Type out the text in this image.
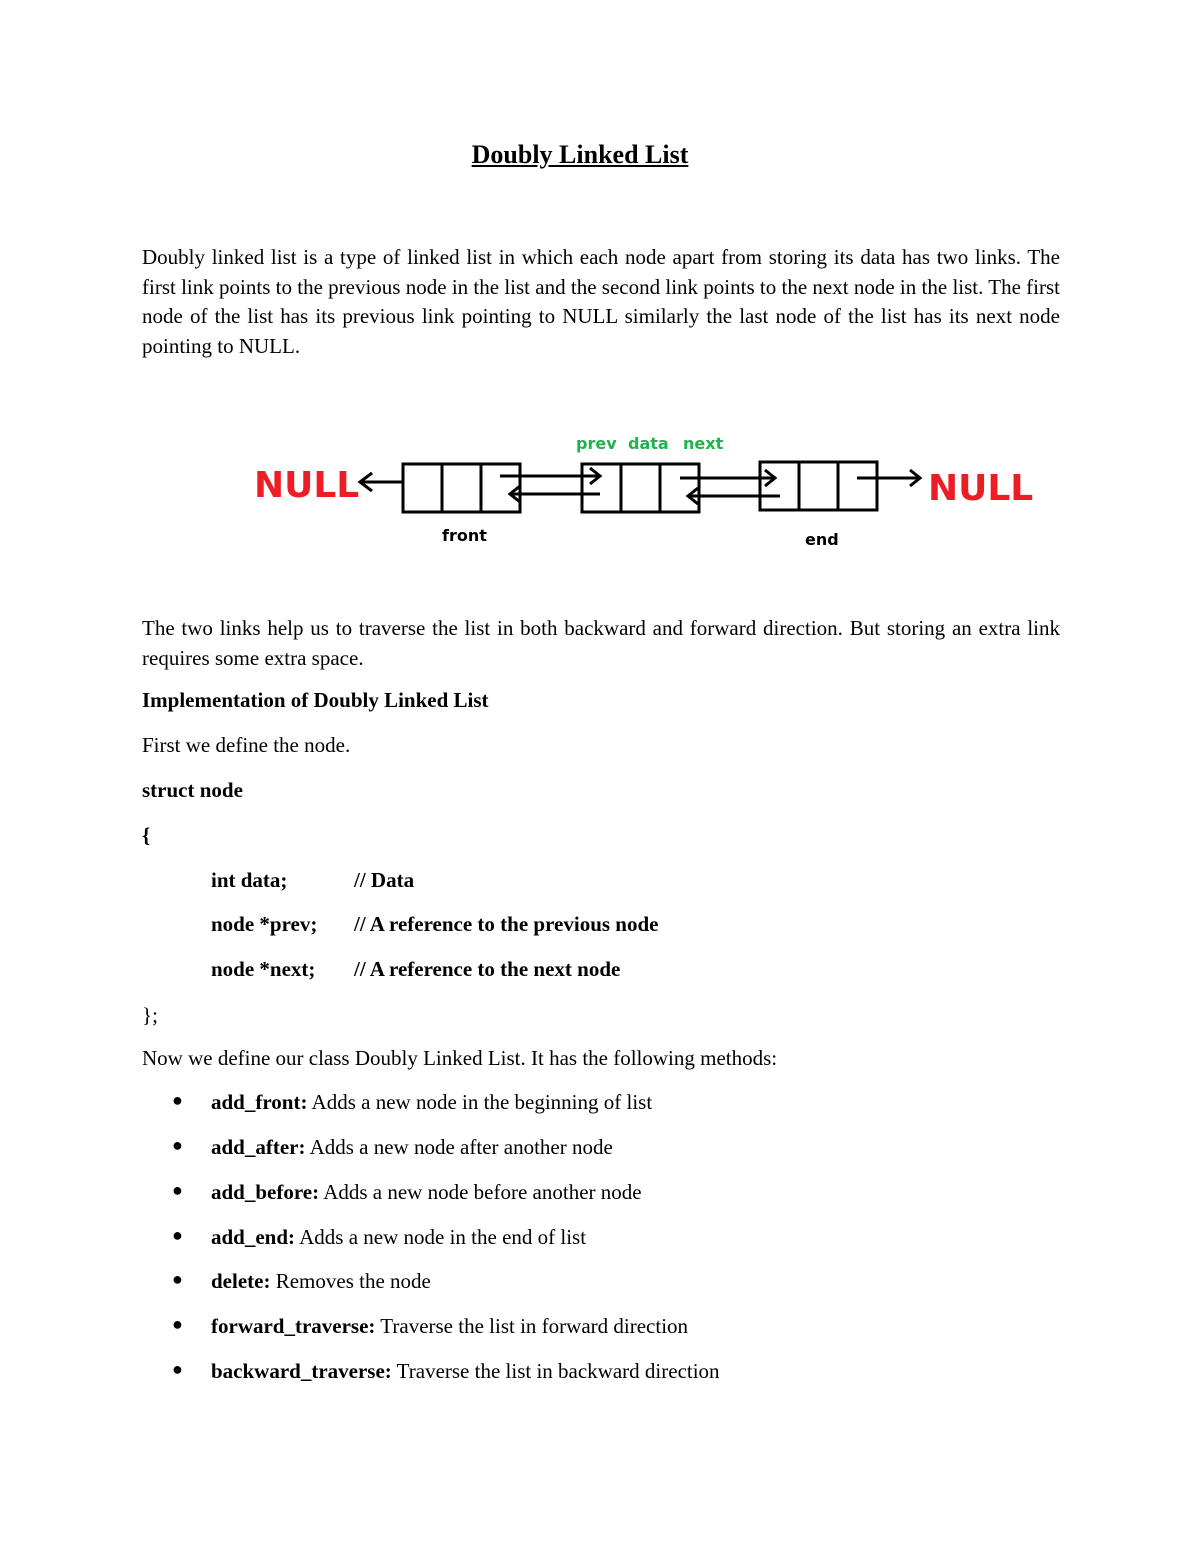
Doubly Linked List

Doubly linked list is a type of linked list in which each node apart from storing its data has two links. The first link points to the previous node in the list and the second link points to the next node in the list. The first node of the list has its previous link pointing to NULL similarly the last node of the list has its next node pointing to NULL.

NULL	NULL
prev data next
front	end

The two links help us to traverse the list in both backward and forward direction. But storing an extra link requires some extra space.

Implementation of Doubly Linked List

First we define the node.

struct node

{

int data;	// Data
node *prev; // A reference to the previous node
node *next; // A reference to the next node

};

Now we define our class Doubly Linked List. It has the following methods:

● add_front: Adds a new node in the beginning of list
● add_after: Adds a new node after another node
● add_before: Adds a new node before another node
● add_end: Adds a new node in the end of list
● delete: Removes the node
● forward_traverse: Traverse the list in forward direction
● backward_traverse: Traverse the list in backward direction
